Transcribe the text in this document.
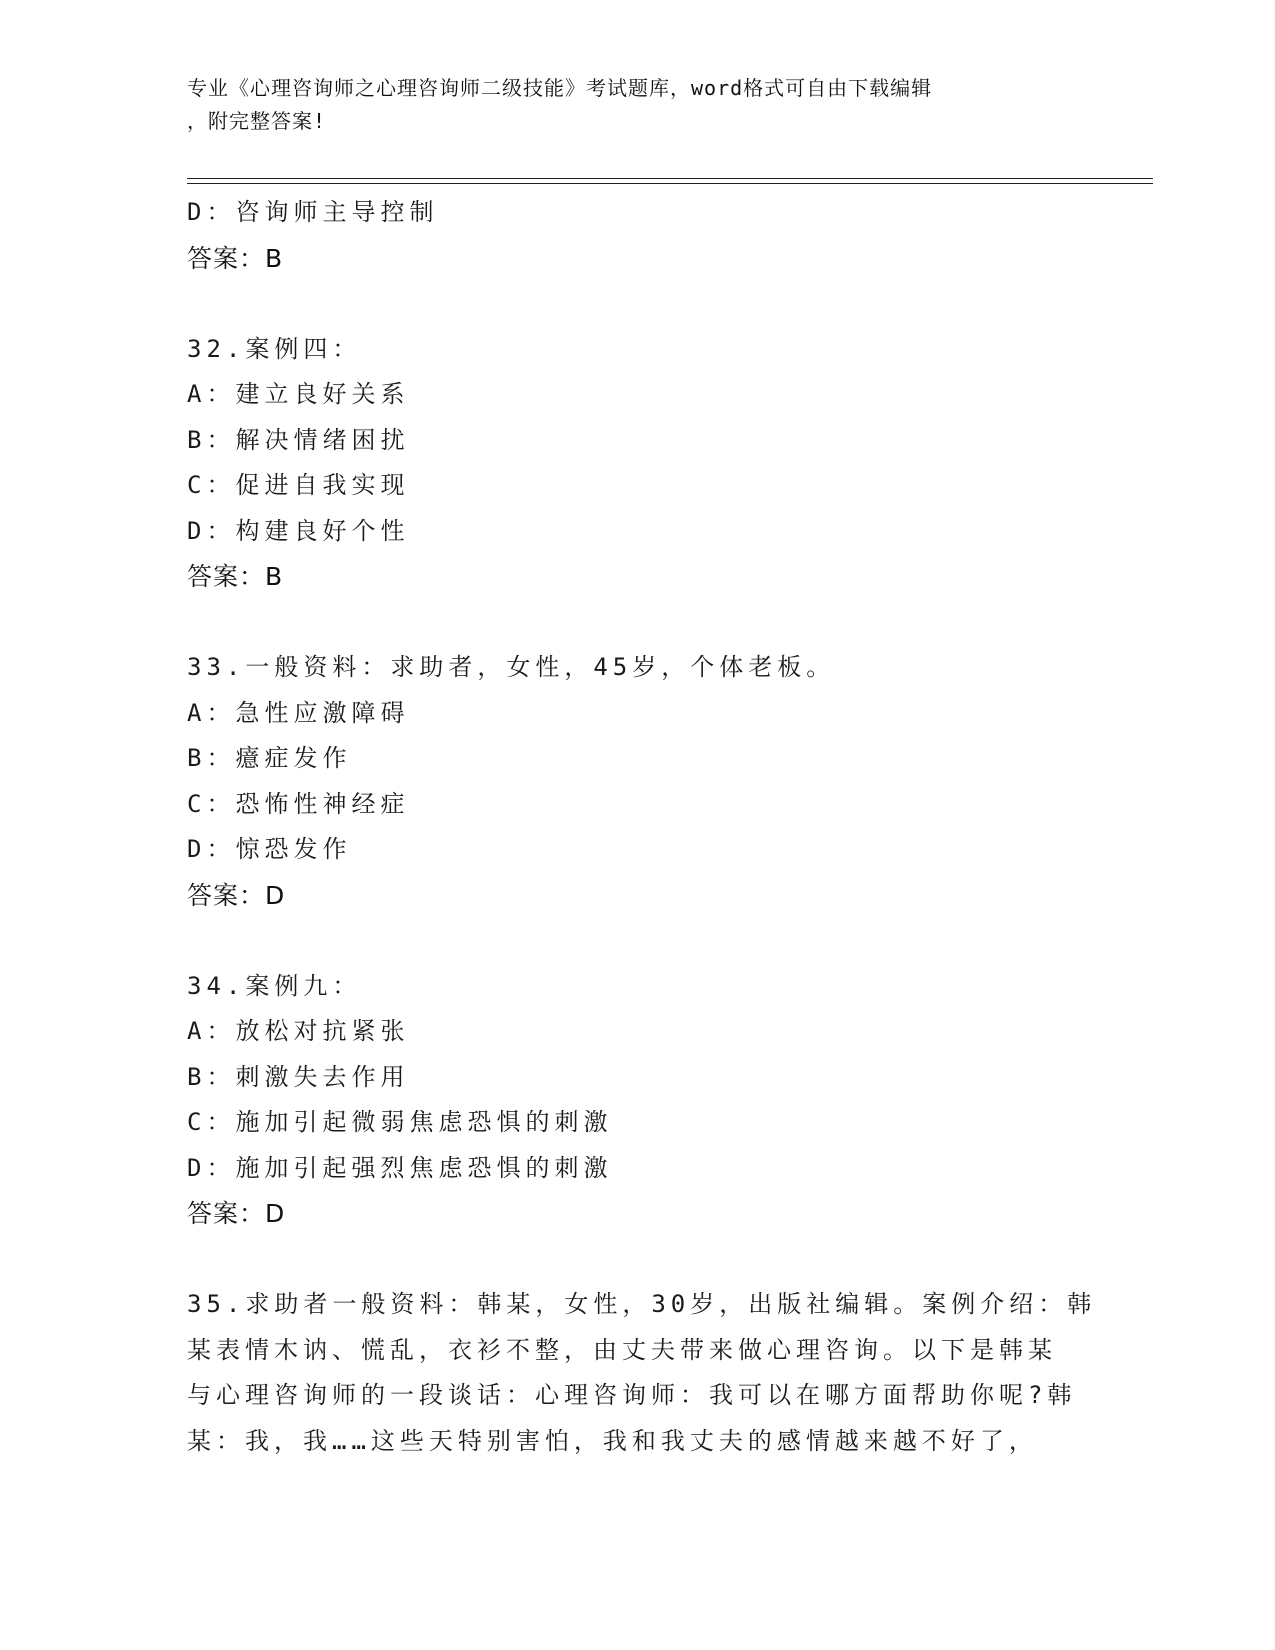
专业《心理咨询师之心理咨询师二级技能》考试题库，word格式可自由下载编辑
，附完整答案!
D：咨询师主导控制
答案：B
32.案例四：
A：建立良好关系
B：解决情绪困扰
C：促进自我实现
D：构建良好个性
答案：B
33.一般资料：求助者，女性，45岁，个体老板。
A：急性应激障碍
B：癔症发作
C：恐怖性神经症
D：惊恐发作
答案：D
34.案例九：
A：放松对抗紧张
B：刺激失去作用
C：施加引起微弱焦虑恐惧的刺激
D：施加引起强烈焦虑恐惧的刺激
答案：D
35.求助者一般资料：韩某，女性，30岁，出版社编辑。案例介绍：韩
某表情木讷、慌乱，衣衫不整，由丈夫带来做心理咨询。以下是韩某
与心理咨询师的一段谈话：心理咨询师：我可以在哪方面帮助你呢?韩
某：我，我……这些天特别害怕，我和我丈夫的感情越来越不好了，
